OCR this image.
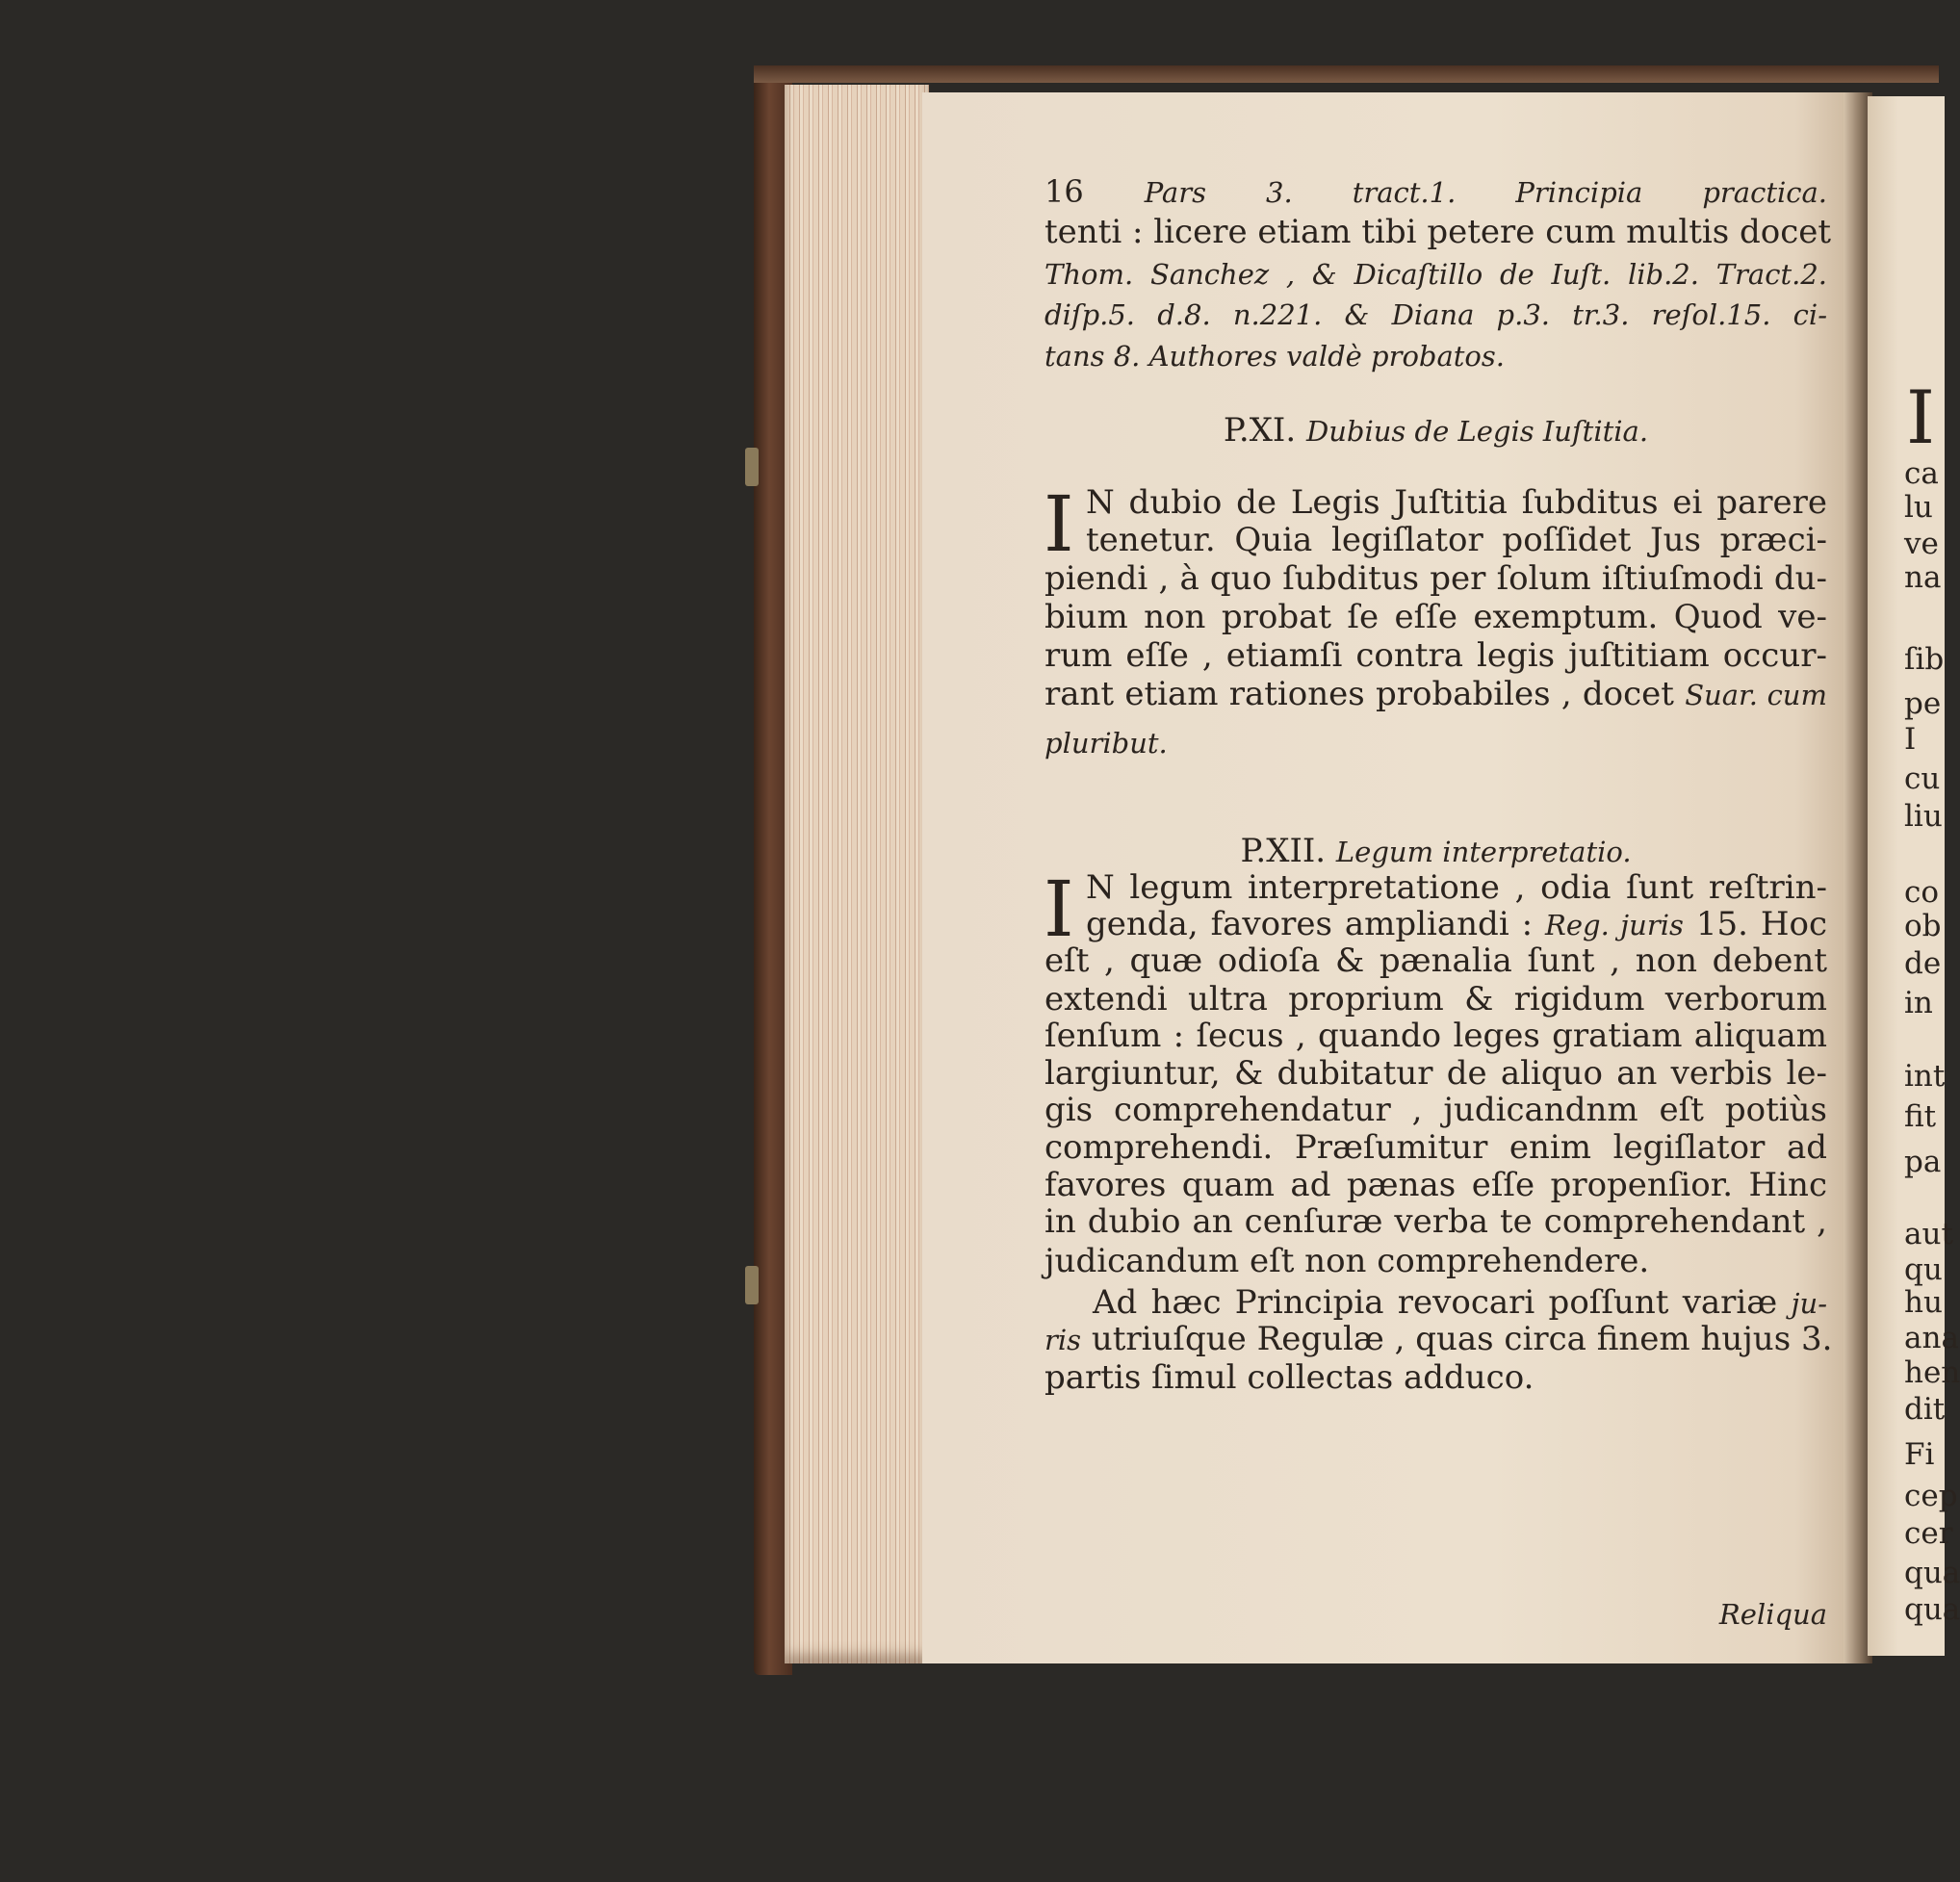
I
I
I
16 Pars 3. tract.1. Principia practica.
tenti : licere etiam tibi petere cum multis docet
Thom. Sanchez , & Dicaſtillo de Iuſt. lib.2. Tract.2.
diſp.5. d.8. n.221. & Diana p.3. tr.3. reſol.15. ci-
tans 8. Authores valdè probatos.
P.XI. Dubius de Legis Iuſtitia.
N dubio de Legis Juſtitia ſubditus ei parere
tenetur. Quia legiſlator poſſidet Jus præci-
piendi , à quo ſubditus per ſolum iſtiuſmodi du-
bium non probat ſe eſſe exemptum. Quod ve-
rum eſſe , etiamſi contra legis juſtitiam occur-
rant etiam rationes probabiles , docet Suar. cum
pluribut.
P.XII. Legum interpretatio.
N legum interpretatione , odia ſunt reſtrin-
genda, favores ampliandi : Reg. juris 15. Hoc
eſt , quæ odioſa & pænalia ſunt , non debent
extendi ultra proprium & rigidum verborum
ſenſum : ſecus , quando leges gratiam aliquam
largiuntur, & dubitatur de aliquo an verbis le-
gis comprehendatur , judicandnm eſt potiùs
comprehendi. Præſumitur enim legiſlator ad
favores quam ad pænas eſſe propenſior. Hinc
in dubio an cenſuræ verba te comprehendant ,
judicandum eſt non comprehendere.
Ad hæc Principia revocari poſſunt variæ ju-
ris utriuſque Regulæ , quas circa finem hujus 3.
partis ſimul collectas adduco.
Reliqua
ca
lu
ve
na
ſib
pe
I
cu
liu
co
ob
de
in
int
fit
pa
aut
qu
hu
ana
hen
dit
Fi
cep
cer
qua
qua
